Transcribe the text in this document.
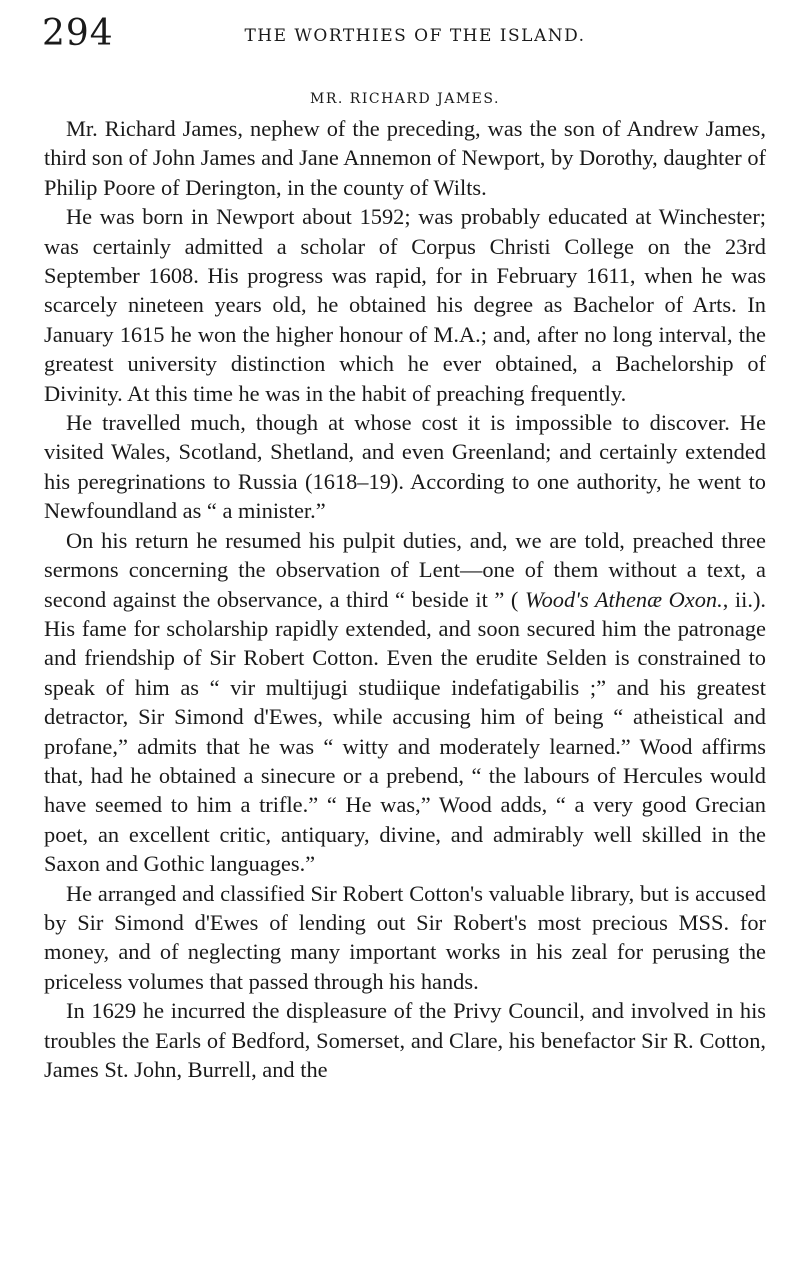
294	THE WORTHIES OF THE ISLAND.
MR. RICHARD JAMES.

Mr. Richard James, nephew of the preceding, was the son of Andrew James, third son of John James and Jane Annemon of Newport, by Dorothy, daughter of Philip Poore of Derington, in the county of Wilts.

He was born in Newport about 1592; was probably educated at Winchester; was certainly admitted a scholar of Corpus Christi College on the 23rd September 1608. His progress was rapid, for in February 1611, when he was scarcely nineteen years old, he obtained his degree as Bachelor of Arts. In January 1615 he won the higher honour of M.A.; and, after no long interval, the greatest university distinction which he ever obtained, a Bachelorship of Divinity. At this time he was in the habit of preaching frequently.

He travelled much, though at whose cost it is impossible to discover. He visited Wales, Scotland, Shetland, and even Greenland; and certainly extended his peregrinations to Russia (1618–19). According to one authority, he went to Newfoundland as “ a minister.”

On his return he resumed his pulpit duties, and, we are told, preached three sermons concerning the observation of Lent—one of them without a text, a second against the observance, a third “ beside it ” ( Wood's Athenæ Oxon., ii.). His fame for scholarship rapidly extended, and soon secured him the patronage and friendship of Sir Robert Cotton. Even the erudite Selden is constrained to speak of him as “ vir multijugi studiique indefatigabilis ;” and his greatest detractor, Sir Simond d'Ewes, while accusing him of being “ atheistical and profane,” admits that he was “ witty and moderately learned.” Wood affirms that, had he obtained a sinecure or a prebend, “ the labours of Hercules would have seemed to him a trifle.” “ He was,” Wood adds, “ a very good Grecian poet, an excellent critic, antiquary, divine, and admirably well skilled in the Saxon and Gothic languages.”

He arranged and classified Sir Robert Cotton's valuable library, but is accused by Sir Simond d'Ewes of lending out Sir Robert's most precious MSS. for money, and of neglecting many important works in his zeal for perusing the priceless volumes that passed through his hands.

In 1629 he incurred the displeasure of the Privy Council, and involved in his troubles the Earls of Bedford, Somerset, and Clare, his benefactor Sir R. Cotton, James St. John, Burrell, and the
